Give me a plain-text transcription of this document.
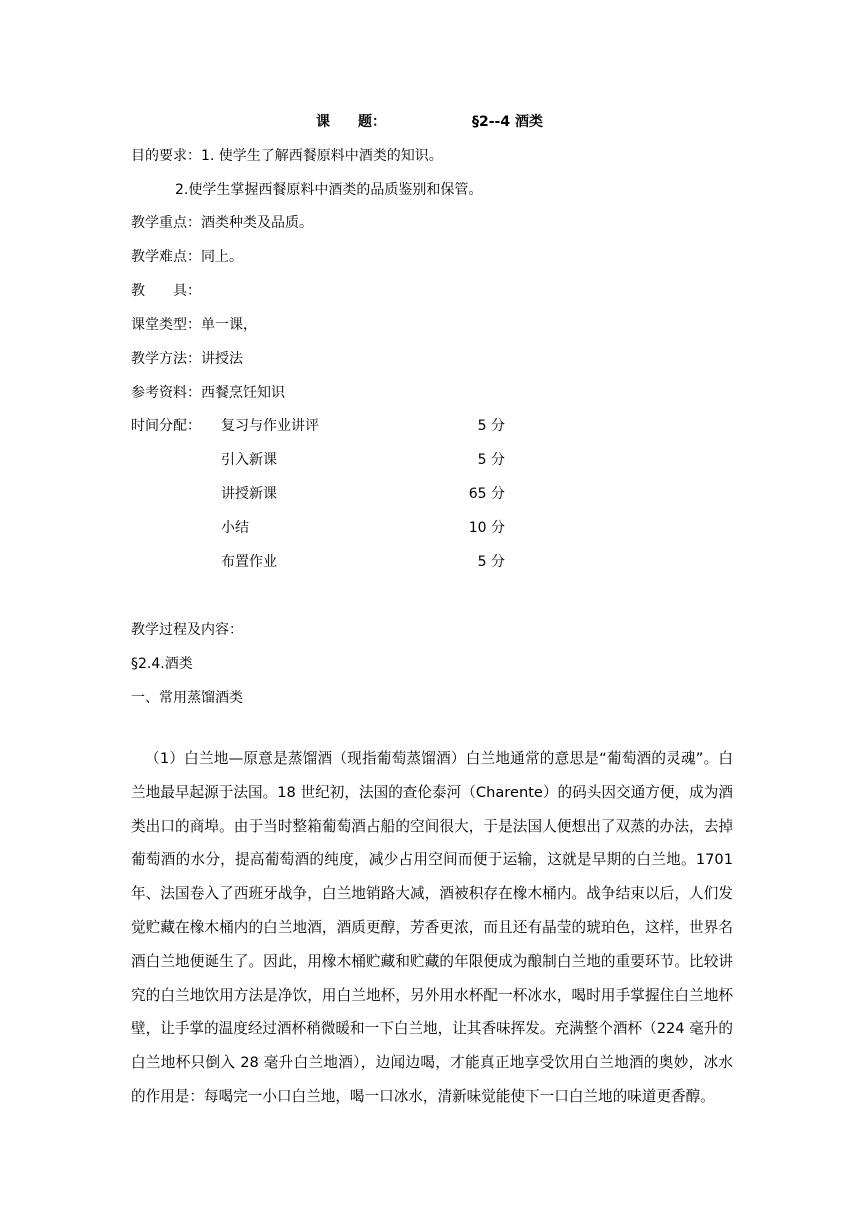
课　　题：	§2--4 酒类
目的要求：1. 使学生了解西餐原料中酒类的知识。
2.使学生掌握西餐原料中酒类的品质鉴别和保管。
教学重点：酒类种类及品质。
教学难点：同上。
教　　具：
课堂类型：单一课，
教学方法：讲授法
参考资料：西餐烹饪知识
时间分配： 复习与作业讲评	5 分
引入新课	5 分
讲授新课	65 分
小结	10 分
布置作业	5 分
教学过程及内容：
§2.4.酒类
一、常用蒸馏酒类
（1）白兰地—原意是蒸馏酒（现指葡萄蒸馏酒）白兰地通常的意思是“葡萄酒的灵魂”。白兰地最早起源于法国。18 世纪初，法国的查伦泰河（Charente）的码头因交通方便，成为酒类出口的商埠。由于当时整箱葡萄酒占船的空间很大，于是法国人便想出了双蒸的办法，去掉葡萄酒的水分，提高葡萄酒的纯度，减少占用空间而便于运输，这就是早期的白兰地。1701 年、法国卷入了西班牙战争，白兰地销路大减，酒被积存在橡木桶内。战争结束以后，人们发觉贮藏在橡木桶内的白兰地酒，酒质更醇，芳香更浓，而且还有晶莹的琥珀色，这样，世界名酒白兰地便诞生了。因此，用橡木桶贮藏和贮藏的年限便成为酿制白兰地的重要环节。比较讲究的白兰地饮用方法是净饮，用白兰地杯，另外用水杯配一杯冰水，喝时用手掌握住白兰地杯壁，让手掌的温度经过酒杯稍微暖和一下白兰地，让其香味挥发。充满整个酒杯（224 毫升的白兰地杯只倒入 28 毫升白兰地酒），边闻边喝，才能真正地享受饮用白兰地酒的奥妙，冰水的作用是：每喝完一小口白兰地，喝一口冰水，清新味觉能使下一口白兰地的味道更香醇。
